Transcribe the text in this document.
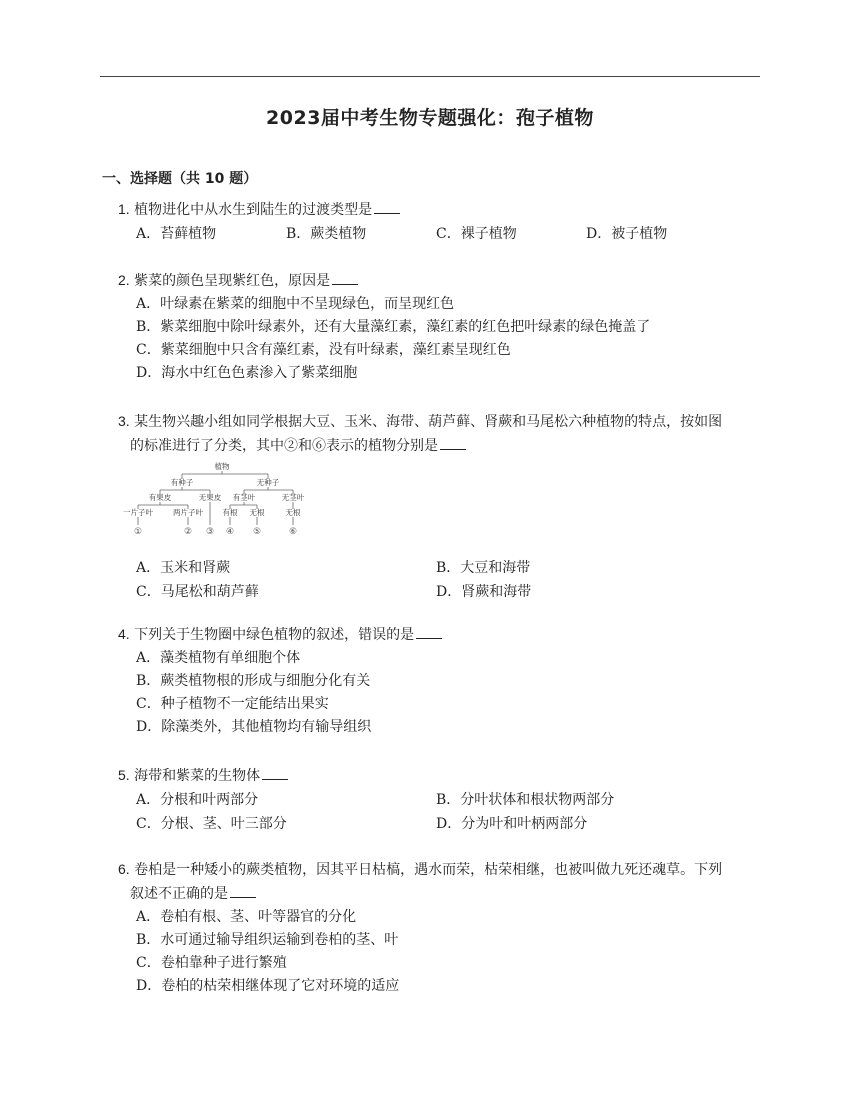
2023届中考生物专题强化：孢子植物
一、选择题（共 10 题）
1. 植物进化中从水生到陆生的过渡类型是
A．苔藓植物	B．蕨类植物	C．裸子植物	D．被子植物
2. 紫菜的颜色呈现紫红色，原因是
A．叶绿素在紫菜的细胞中不呈现绿色，而呈现红色
B．紫菜细胞中除叶绿素外，还有大量藻红素，藻红素的红色把叶绿素的绿色掩盖了
C．紫菜细胞中只含有藻红素，没有叶绿素，藻红素呈现红色
D．海水中红色色素渗入了紫菜细胞
3. 某生物兴趣小组如同学根据大豆、玉米、海带、葫芦藓、肾蕨和马尾松六种植物的特点，按如图
的标准进行了分类，其中②和⑥表示的植物分别是
植物
有种子	无种子
有果皮	无果皮 有茎叶	无茎叶
一片子叶	两片子叶	有根 无根	无根
①	② ③ ④ ⑤	⑥
A．玉米和肾蕨	B．大豆和海带
C．马尾松和葫芦藓	D．肾蕨和海带
4. 下列关于生物圈中绿色植物的叙述，错误的是
A．藻类植物有单细胞个体
B．蕨类植物根的形成与细胞分化有关
C．种子植物不一定能结出果实
D．除藻类外，其他植物均有输导组织
5. 海带和紫菜的生物体
A．分根和叶两部分	B．分叶状体和根状物两部分
C．分根、茎、叶三部分	D．分为叶和叶柄两部分
6. 卷柏是一种矮小的蕨类植物，因其平日枯槁，遇水而荣，枯荣相继，也被叫做九死还魂草。下列
叙述不正确的是
A．卷柏有根、茎、叶等器官的分化
B．水可通过输导组织运输到卷柏的茎、叶
C．卷柏靠种子进行繁殖
D．卷柏的枯荣相继体现了它对环境的适应
